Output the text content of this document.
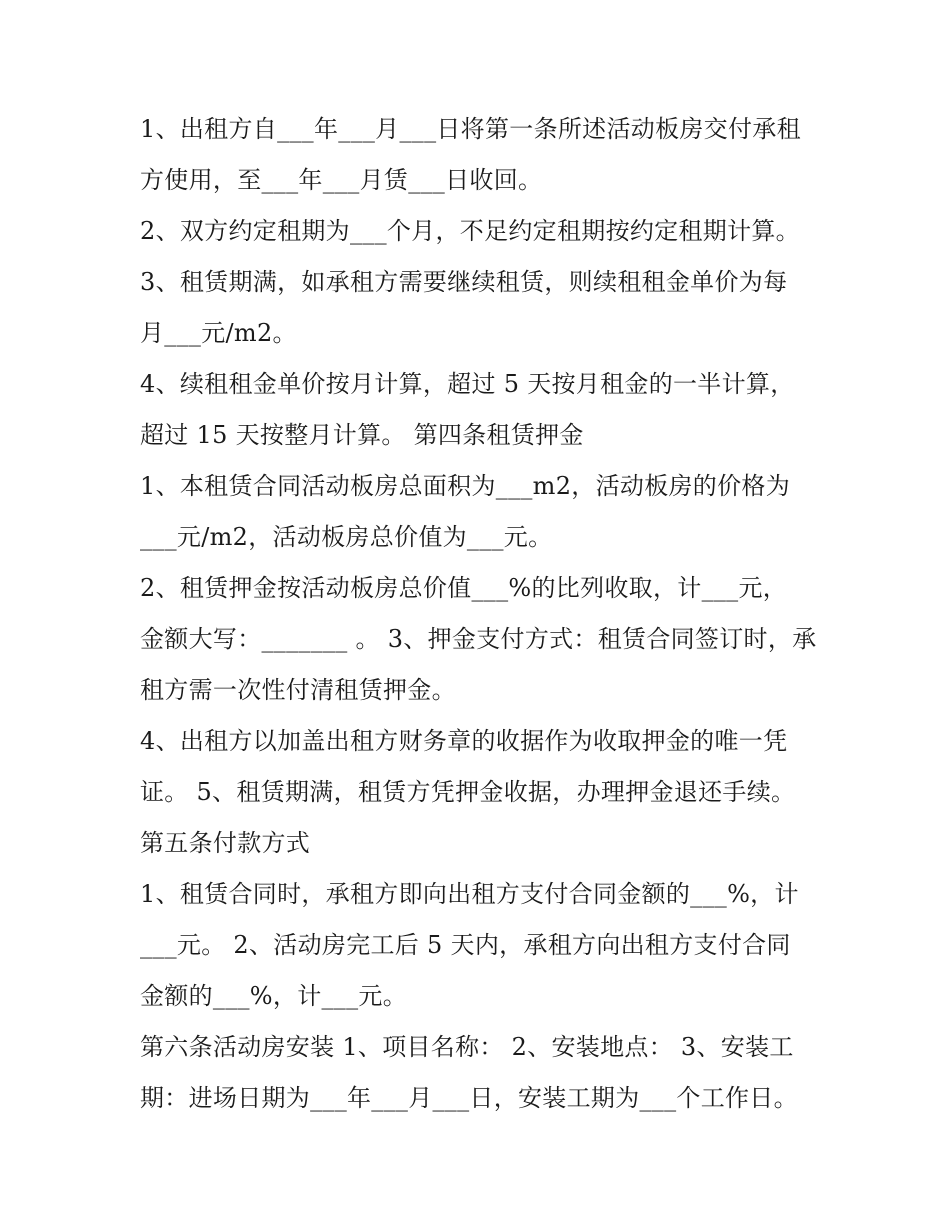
1、出租方自___年___月___日将第一条所述活动板房交付承租
方使用，至___年___月赁___日收回。
2、双方约定租期为___个月，不足约定租期按约定租期计算。
3、租赁期满，如承租方需要继续租赁，则续租租金单价为每
月___元/m2。
4、续租租金单价按月计算，超过 5 天按月租金的一半计算，
超过 15 天按整月计算。 第四条租赁押金
1、本租赁合同活动板房总面积为___m2，活动板房的价格为
___元/m2，活动板房总价值为___元。
2、租赁押金按活动板房总价值___%的比列收取，计___元，
金额大写：_______ 。 3、押金支付方式：租赁合同签订时，承
租方需一次性付清租赁押金。
4、出租方以加盖出租方财务章的收据作为收取押金的唯一凭
证。 5、租赁期满，租赁方凭押金收据，办理押金退还手续。
第五条付款方式
1、租赁合同时，承租方即向出租方支付合同金额的___%，计
___元。 2、活动房完工后 5 天内，承租方向出租方支付合同
金额的___%，计___元。
第六条活动房安装 1、项目名称： 2、安装地点： 3、安装工
期：进场日期为___年___月___日，安装工期为___个工作日。
